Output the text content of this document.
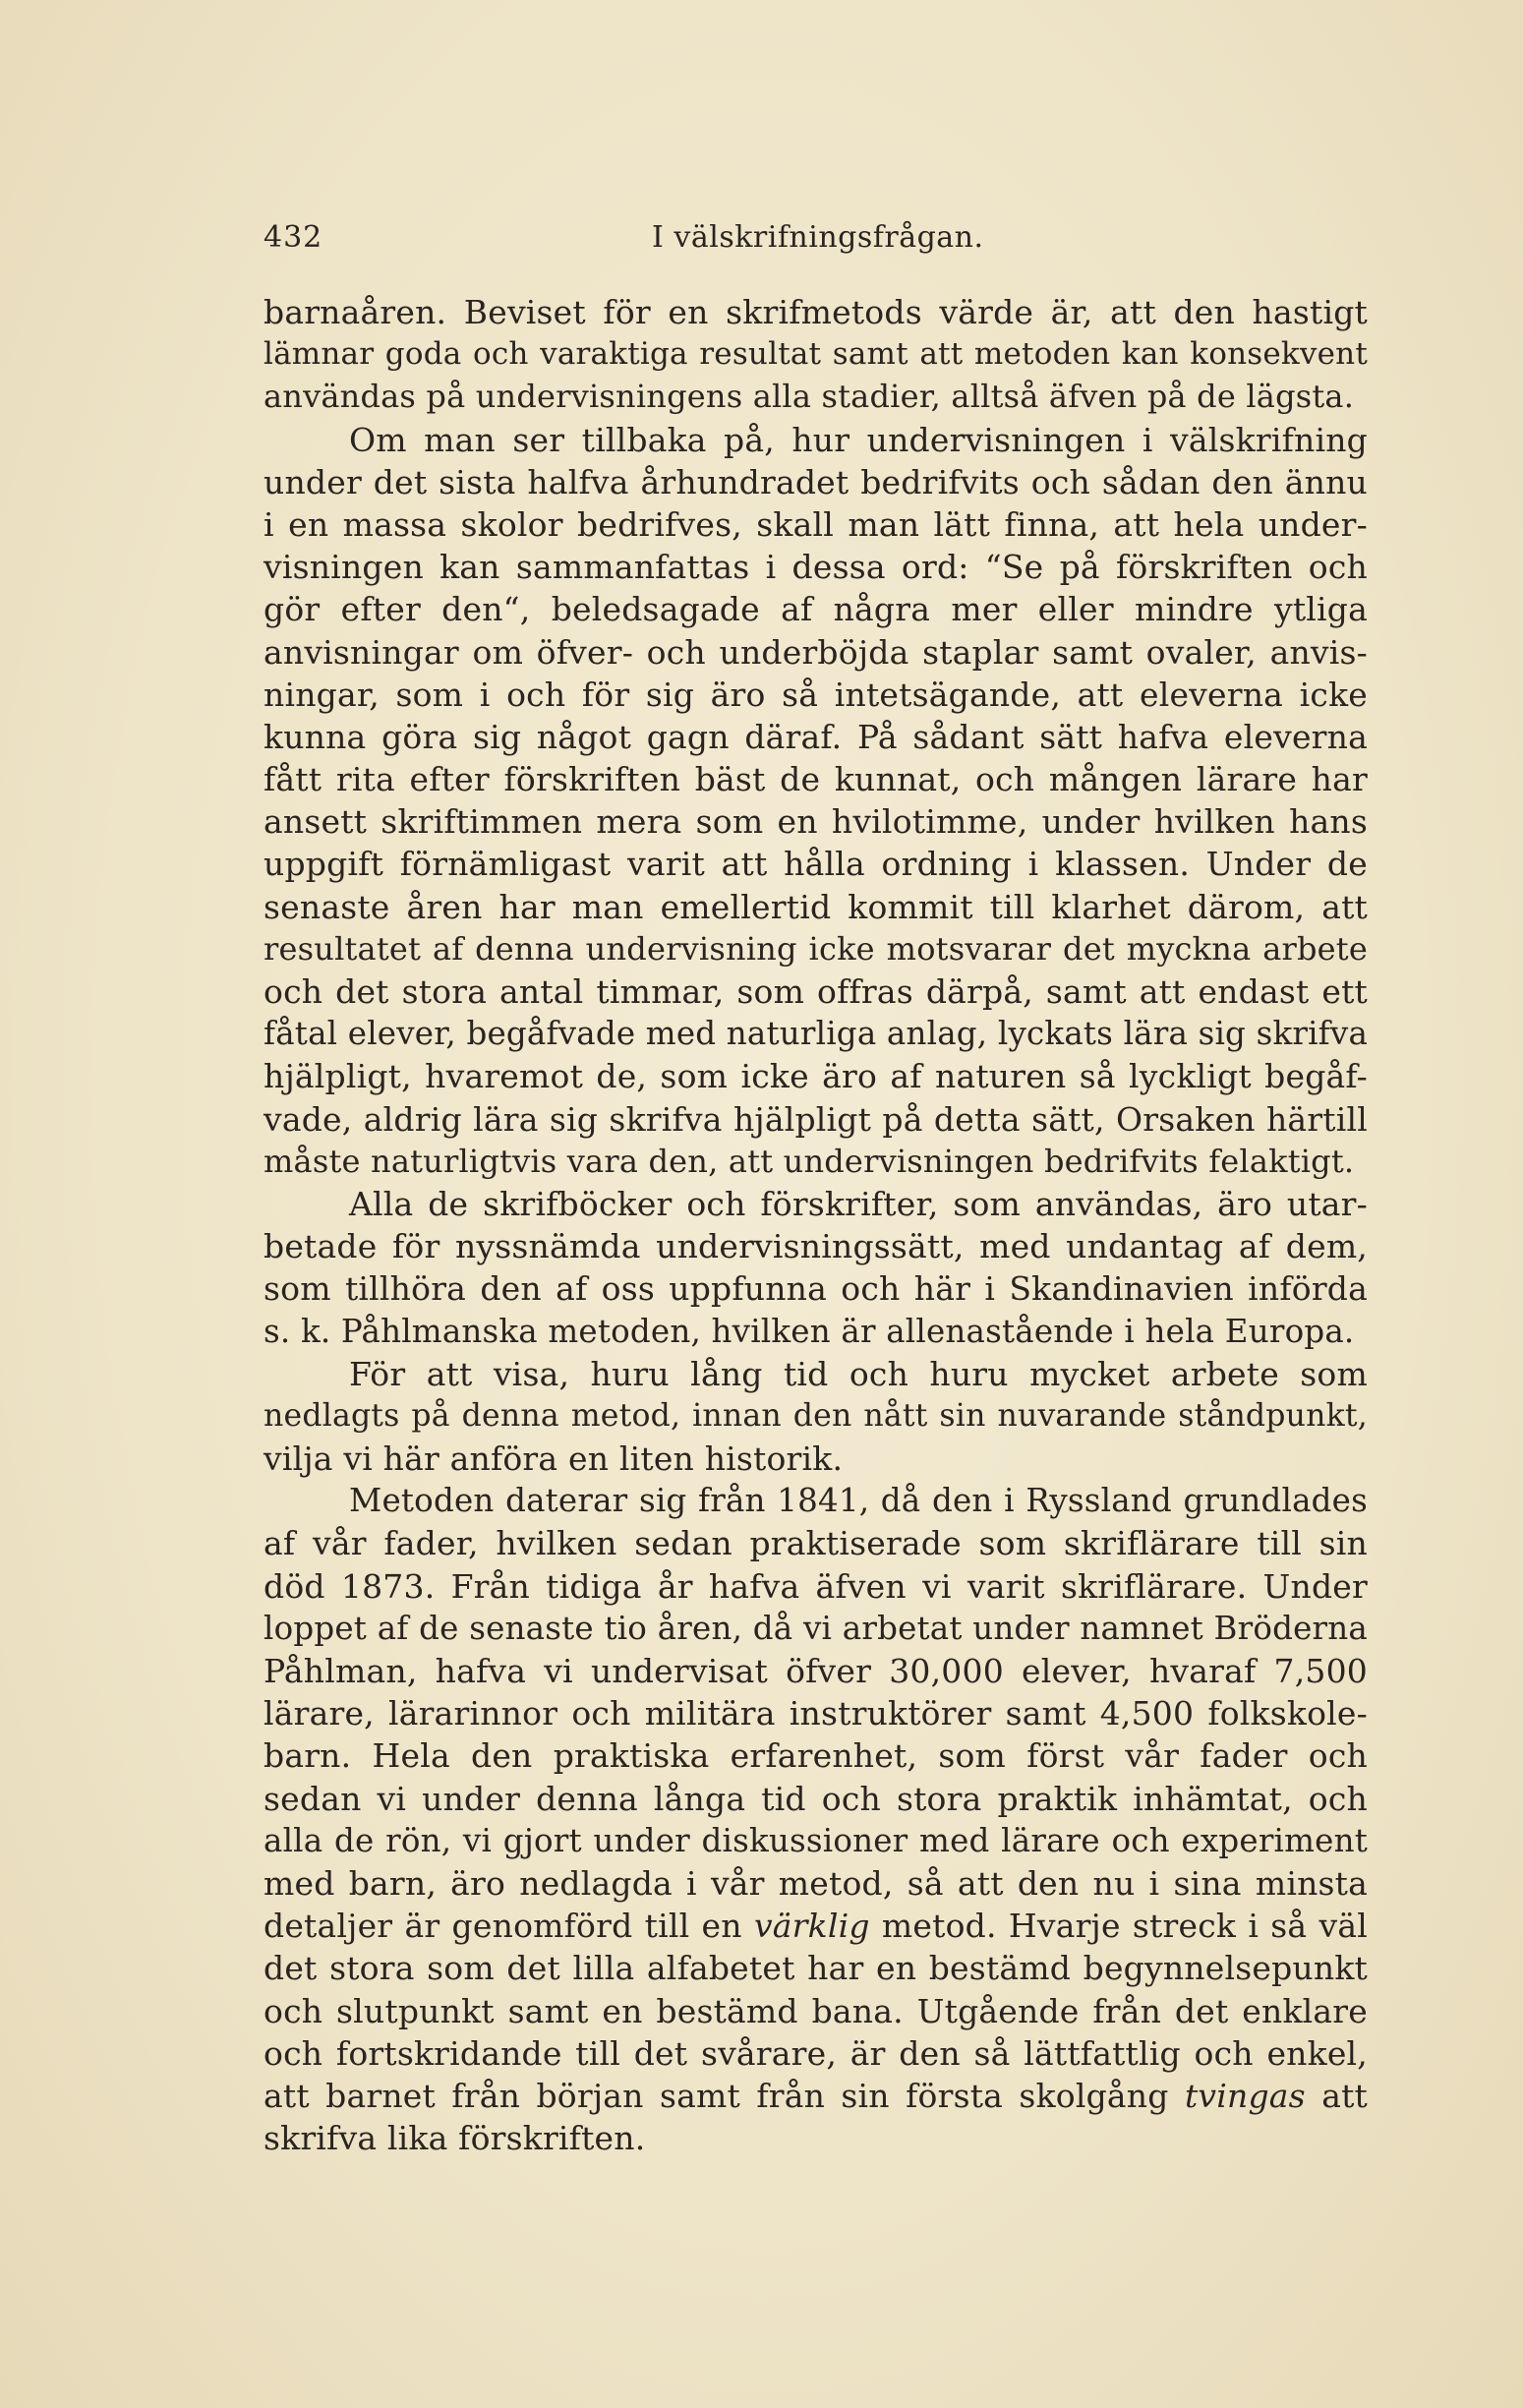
432	I välskrifningsfrågan.
barnaåren. Beviset för en skrifmetods värde är, att den hastigt
lämnar goda och varaktiga resultat samt att metoden kan konsekvent
användas på undervisningens alla stadier, alltså äfven på de lägsta.
Om man ser tillbaka på, hur undervisningen i välskrifning
under det sista halfva århundradet bedrifvits och sådan den ännu
i en massa skolor bedrifves, skall man lätt finna, att hela under-
visningen kan sammanfattas i dessa ord: “Se på förskriften och
gör efter den“, beledsagade af några mer eller mindre ytliga
anvisningar om öfver- och underböjda staplar samt ovaler, anvis-
ningar, som i och för sig äro så intetsägande, att eleverna icke
kunna göra sig något gagn däraf. På sådant sätt hafva eleverna
fått rita efter förskriften bäst de kunnat, och mången lärare har
ansett skriftimmen mera som en hvilotimme, under hvilken hans
uppgift förnämligast varit att hålla ordning i klassen. Under de
senaste åren har man emellertid kommit till klarhet därom, att
resultatet af denna undervisning icke motsvarar det myckna arbete
och det stora antal timmar, som offras därpå, samt att endast ett
fåtal elever, begåfvade med naturliga anlag, lyckats lära sig skrifva
hjälpligt, hvaremot de, som icke äro af naturen så lyckligt begåf-
vade, aldrig lära sig skrifva hjälpligt på detta sätt, Orsaken härtill
måste naturligtvis vara den, att undervisningen bedrifvits felaktigt.
Alla de skrifböcker och förskrifter, som användas, äro utar-
betade för nyssnämda undervisningssätt, med undantag af dem,
som tillhöra den af oss uppfunna och här i Skandinavien införda
s. k. Påhlmanska metoden, hvilken är allenastående i hela Europa.
För att visa, huru lång tid och huru mycket arbete som
nedlagts på denna metod, innan den nått sin nuvarande ståndpunkt,
vilja vi här anföra en liten historik.
Metoden daterar sig från 1841, då den i Ryssland grundlades
af vår fader, hvilken sedan praktiserade som skriflärare till sin
död 1873. Från tidiga år hafva äfven vi varit skriflärare. Under
loppet af de senaste tio åren, då vi arbetat under namnet Bröderna
Påhlman, hafva vi undervisat öfver 30,000 elever, hvaraf 7,500
lärare, lärarinnor och militära instruktörer samt 4,500 folkskole-
barn. Hela den praktiska erfarenhet, som först vår fader och
sedan vi under denna långa tid och stora praktik inhämtat, och
alla de rön, vi gjort under diskussioner med lärare och experiment
med barn, äro nedlagda i vår metod, så att den nu i sina minsta
detaljer är genomförd till en värklig metod. Hvarje streck i så väl
det stora som det lilla alfabetet har en bestämd begynnelsepunkt
och slutpunkt samt en bestämd bana. Utgående från det enklare
och fortskridande till det svårare, är den så lättfattlig och enkel,
att barnet från början samt från sin första skolgång tvingas att
skrifva lika förskriften.
